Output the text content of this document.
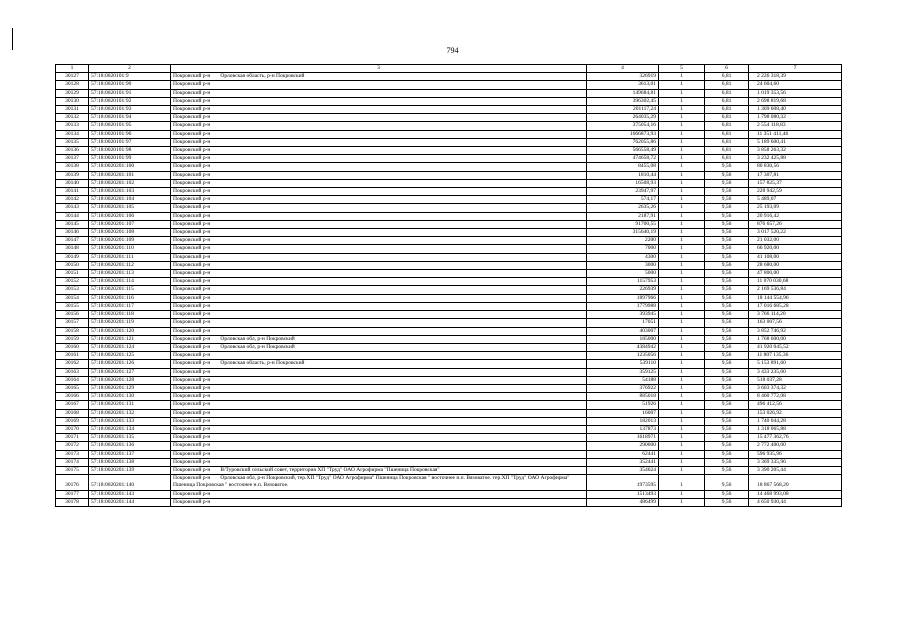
794
1	2	3	4	5	6	7
30127	57:18:0020101:9	Покровский р-н Орловская область, р-н Покровский	326919	1	6,81	2 226 318,39
30128	57:18:0020101:90	Покровский р-н	3613,01	1	6,81	24 604,60
30129	57:18:0020101:91	Покровский р-н	149684,81	1	6,81	1 019 353,56
30130	57:18:0020101:92	Покровский р-н	396302,45	1	6,81	2 698 819,68
30131	57:18:0020101:93	Покровский р-н	201117,24	1	6,81	1 369 608,40
30132	57:18:0020101:94	Покровский р-н	264035,29	1	6,81	1 798 080,32
30133	57:18:0020101:95	Покровский р-н	375054,16	1	6,81	2 554 118,83
30134	57:18:0020101:96	Покровский р-н	1666873,93	1	6,81	11 351 411,46
30135	57:18:0020101:97	Покровский р-н	762055,86	1	6,81	5 189 600,41
30136	57:18:0020101:98	Покровский р-н	566558,49	1	6,81	3 858 263,32
30137	57:18:0020101:99	Покровский р-н	474658,72	1	6,81	3 232 425,88
30138	57:18:0020201:100	Покровский р-н	8455,08	1	9,56	80 830,56
30139	57:18:0020201:101	Покровский р-н	1810,44	1	9,56	17 307,81
30140	57:18:0020201:102	Покровский р-н	16508,93	1	9,56	157 825,37
30141	57:18:0020201:103	Покровский р-н	23947,97	1	9,56	228 942,59
30142	57:18:0020201:104	Покровский р-н	574,17	1	9,56	5 489,07
30143	57:18:0020201:105	Покровский р-н	2635,26	1	9,56	25 193,09
30144	57:18:0020201:106	Покровский р-н	2187,91	1	9,56	20 916,42
30145	57:18:0020201:107	Покровский р-н	91700,55	1	9,56	876 657,26
30146	57:18:0020201:108	Покровский р-н	315640,19	1	9,56	3 017 520,22
30147	57:18:0020201:109	Покровский р-н	2200	1	9,56	21 032,00
30148	57:18:0020201:110	Покровский р-н	7000	1	9,56	66 920,00
30149	57:18:0020201:111	Покровский р-н	4300	1	9,56	41 108,00
30150	57:18:0020201:112	Покровский р-н	3000	1	9,56	28 680,00
30151	57:18:0020201:113	Покровский р-н	5000	1	9,56	47 800,00
30152	57:18:0020201:114	Покровский р-н	1157953	1	9,56	11 070 030,68
30153	57:18:0020201:115	Покровский р-н	226939	1	9,56	2 169 536,84
30154	57:18:0020201:116	Покровский р-н	1897966	1	9,56	18 144 554,96
30155	57:18:0020201:117	Покровский р-н	1779988	1	9,56	17 016 685,28
30156	57:18:0020201:118	Покровский р-н	393945	1	9,56	3 766 114,20
30157	57:18:0020201:119	Покровский р-н	17051	1	9,56	163 007,56
30158	57:18:0020201:120	Покровский р-н	403007	1	9,56	3 852 746,92
30159	57:18:0020201:121	Покровский р-н Орловская обл, р-н Покровский	185000	1	9,56	1 768 600,00
30160	57:18:0020201:124	Покровский р-н Орловская обл, р-н Покровский	4384942	1	9,56	41 920 045,52
30161	57:18:0020201:125	Покровский р-н	1235056	1	9,56	11 807 135,36
30162	57:18:0020201:126	Покровский р-н Орловская область, р-н Покровский	539110	1	9,56	5 153 891,60
30163	57:18:0020201:127	Покровский р-н	359125	1	9,56	3 433 235,00
30164	57:18:0020201:128	Покровский р-н	54188	1	9,56	518 037,28
30165	57:18:0020201:129	Покровский р-н	376922	1	9,56	3 603 374,32
30166	57:18:0020201:130	Покровский р-н	885018	1	9,56	8 460 772,08
30167	57:18:0020201:131	Покровский р-н	51926	1	9,56	496 412,56
30168	57:18:0020201:132	Покровский р-н	16007	1	9,56	153 026,92
30169	57:18:0020201:133	Покровский р-н	182013	1	9,56	1 740 044,28
30170	57:18:0020201:134	Покровский р-н	137873	1	9,56	1 318 065,88
30171	57:18:0020201:135	Покровский р-н	1618971	1	9,56	15 477 362,76
30172	57:18:0020201:136	Покровский р-н	290000	1	9,56	2 772 400,00
30173	57:18:0020201:137	Покровский р-н	62441	1	9,56	596 935,96
30174	57:18:0020201:138	Покровский р-н	352441	1	9,56	3 369 335,96
30175	57:18:0020201:139	Покровский р-н В/Туровский сельский совет, территория ХП "Труд" ОАО Агрофирма "Пшеница Покровская"	354624	1	9,56	3 390 205,44
30176	57:18:0020201:140	Покровский р-н Орловская обл, р-н Покровский, тер.ХП "Труд" ОАО Агрофирма" Пшеница Покровская " восточнее н.п. Вязоватое. тер.ХП "Труд" ОАО Агрофирма" Пшеница Покровская " восточнее н.п. Вязоватое.	1973595	1	9,56	18 867 568,20
30177	57:18:0020201:143	Покровский р-н	1513493	1	9,56	14 468 993,08
30178	57:18:0020201:144	Покровский р-н	486499	1	9,56	4 650 930,44
